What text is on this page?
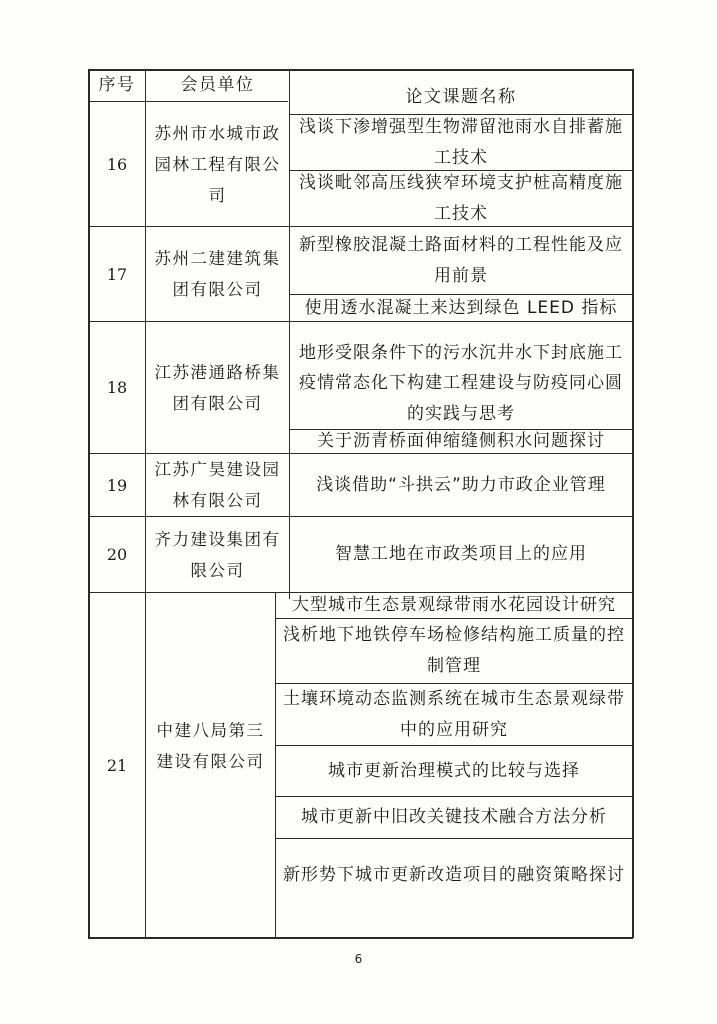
序号	会员单位
论文课题名称
16
苏州市水城市政园林工程有限公司
浅谈下渗增强型生物滞留池雨水自排蓄施工技术
浅谈毗邻高压线狭窄环境支护桩高精度施工技术
17
苏州二建建筑集团有限公司
新型橡胶混凝土路面材料的工程性能及应用前景
使用透水混凝土来达到绿色 LEED 指标
18
江苏港通路桥集团有限公司
地形受限条件下的污水沉井水下封底施工
疫情常态化下构建工程建设与防疫同心圆的实践与思考
关于沥青桥面伸缩缝侧积水问题探讨
19
江苏广昊建设园林有限公司
浅谈借助“斗拱云”助力市政企业管理
20
齐力建设集团有限公司
智慧工地在市政类项目上的应用
21
中建八局第三建设有限公司
大型城市生态景观绿带雨水花园设计研究
浅析地下地铁停车场检修结构施工质量的控制管理
土壤环境动态监测系统在城市生态景观绿带中的应用研究
城市更新治理模式的比较与选择
城市更新中旧改关键技术融合方法分析
新形势下城市更新改造项目的融资策略探讨
6
